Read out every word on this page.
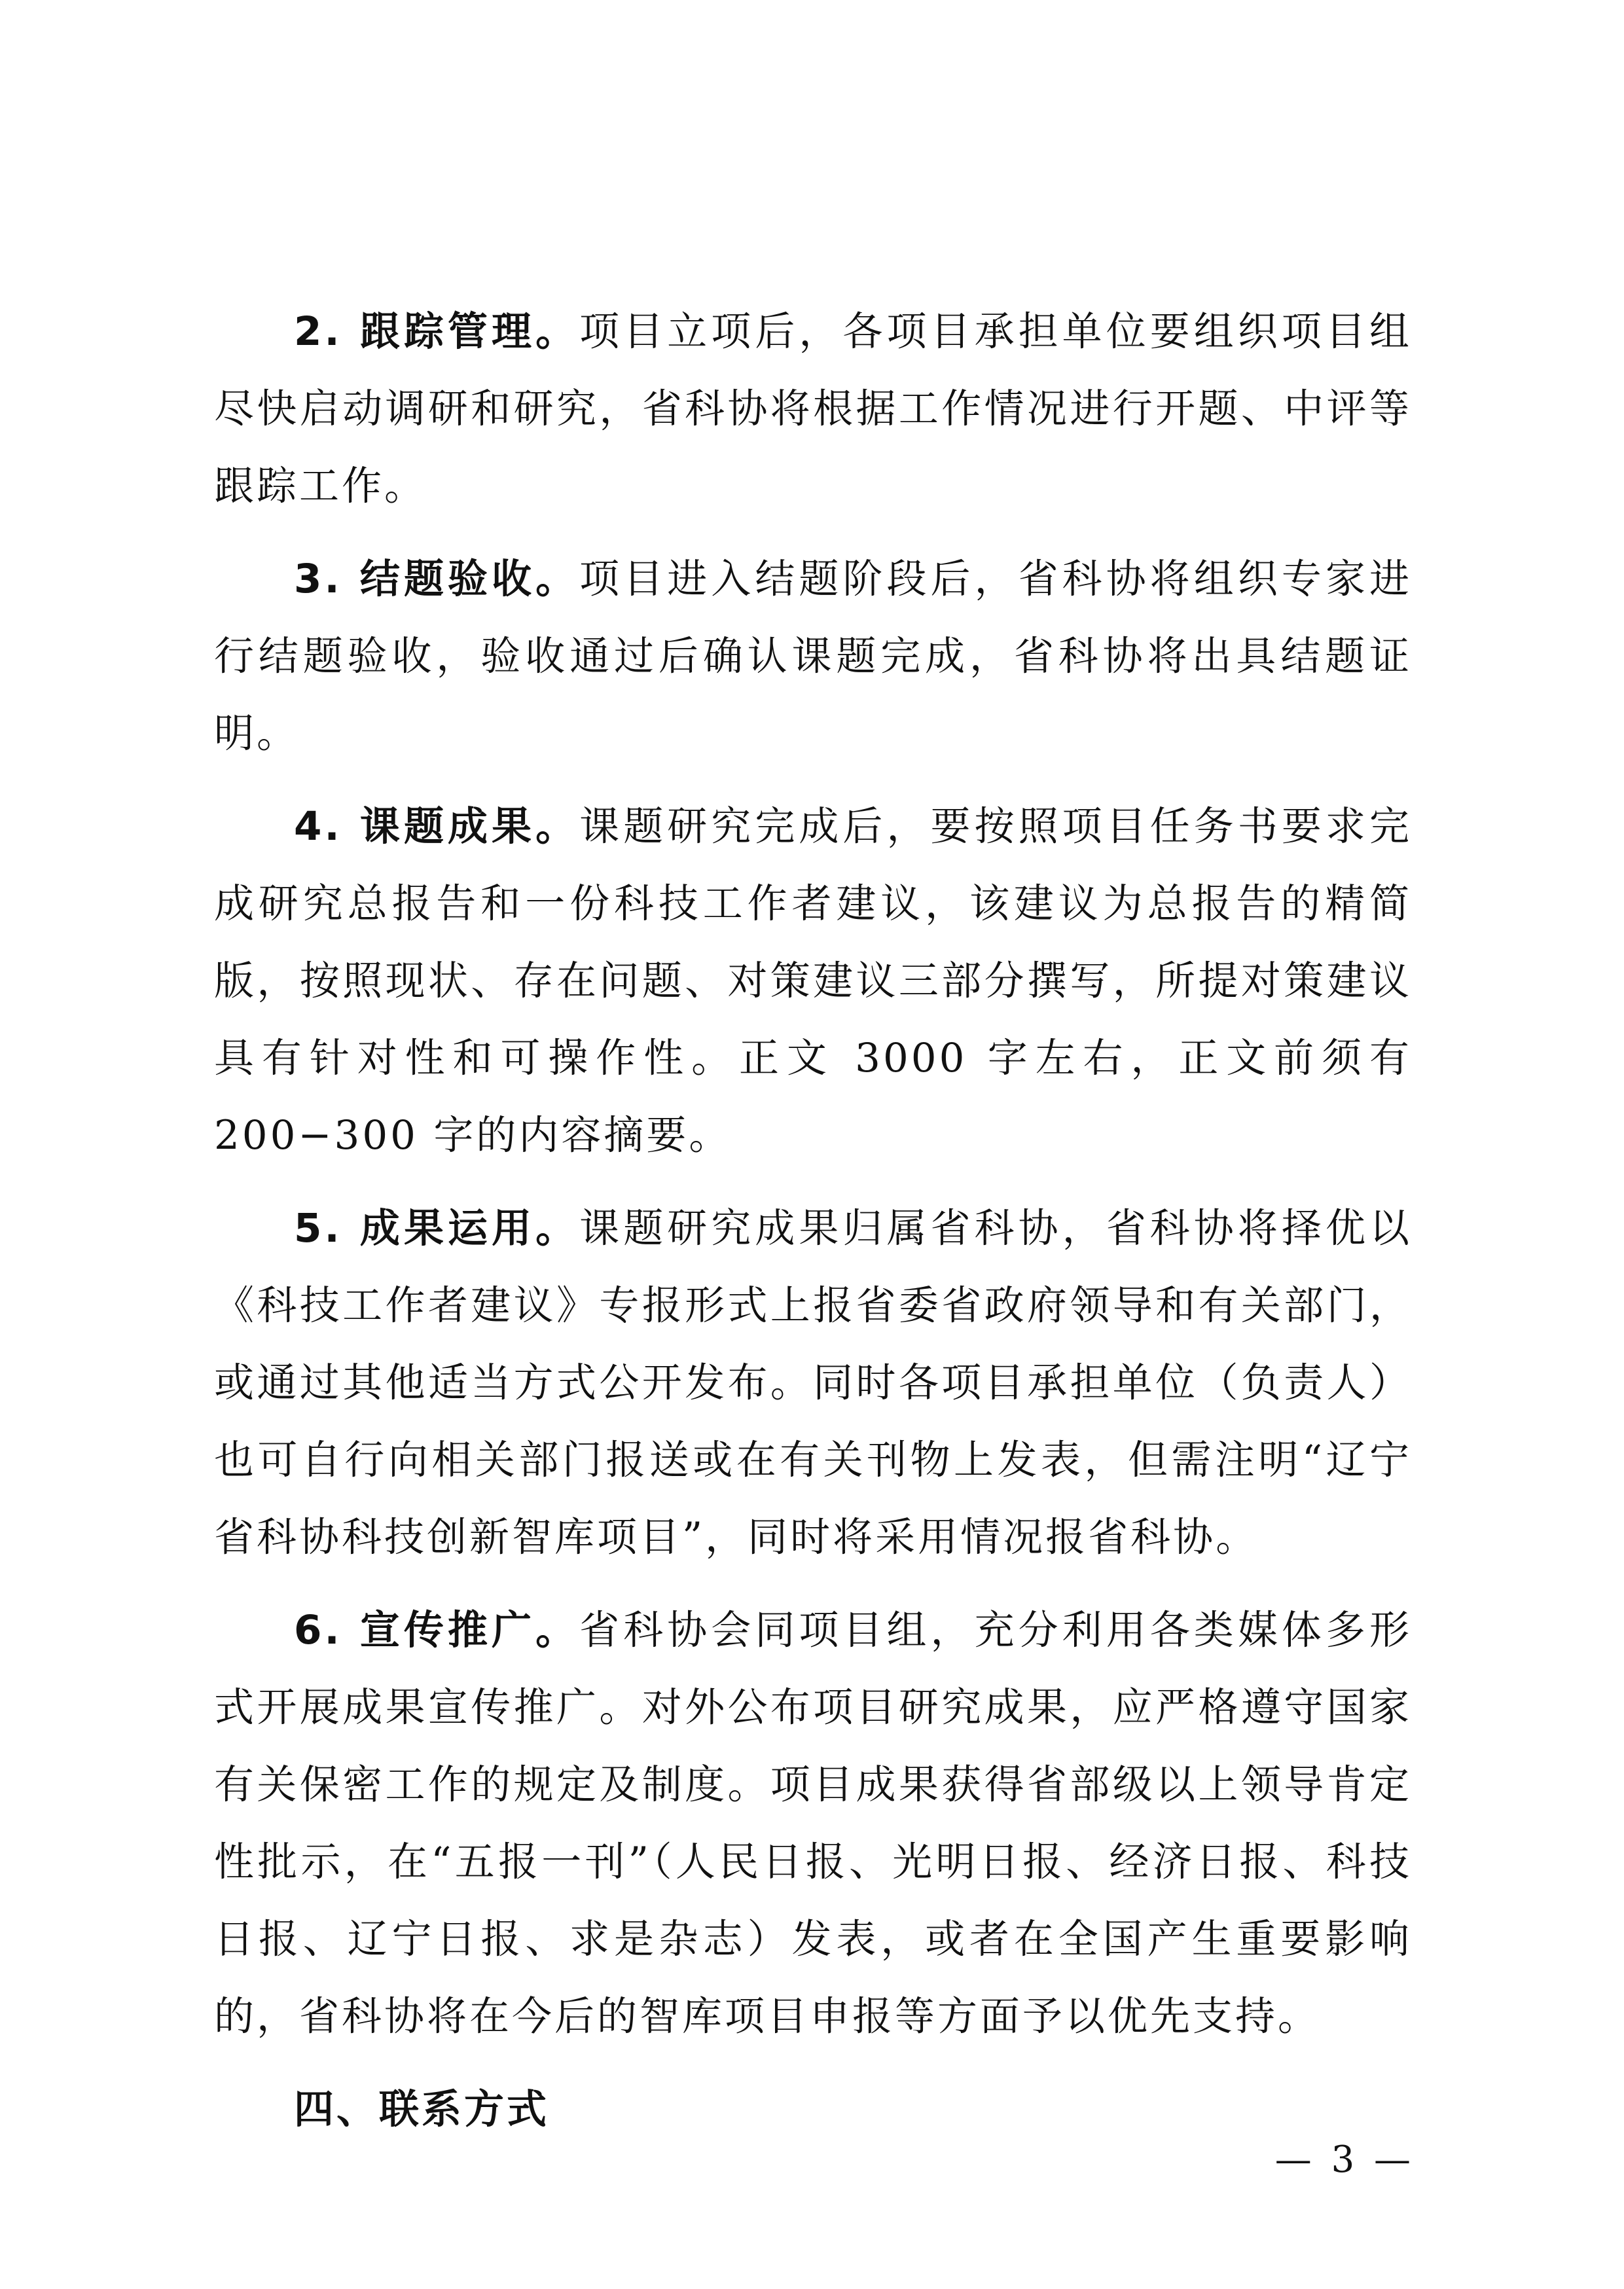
2. 跟踪管理。项目立项后，各项目承担单位要组织项目组尽快启动调研和研究，省科协将根据工作情况进行开题、中评等跟踪工作。

3. 结题验收。项目进入结题阶段后，省科协将组织专家进行结题验收，验收通过后确认课题完成，省科协将出具结题证明。

4. 课题成果。课题研究完成后，要按照项目任务书要求完成研究总报告和一份科技工作者建议，该建议为总报告的精简版，按照现状、存在问题、对策建议三部分撰写，所提对策建议具有针对性和可操作性。正文 3000 字左右，正文前须有 200−300 字的内容摘要。

5. 成果运用。课题研究成果归属省科协，省科协将择优以《科技工作者建议》专报形式上报省委省政府领导和有关部门，或通过其他适当方式公开发布。同时各项目承担单位（负责人）也可自行向相关部门报送或在有关刊物上发表，但需注明“辽宁省科协科技创新智库项目”，同时将采用情况报省科协。

6. 宣传推广。省科协会同项目组，充分利用各类媒体多形式开展成果宣传推广。对外公布项目研究成果，应严格遵守国家有关保密工作的规定及制度。项目成果获得省部级以上领导肯定性批示，在“五报一刊”（人民日报、光明日报、经济日报、科技日报、辽宁日报、求是杂志）发表，或者在全国产生重要影响的，省科协将在今后的智库项目申报等方面予以优先支持。

四、联系方式

— 3 —
